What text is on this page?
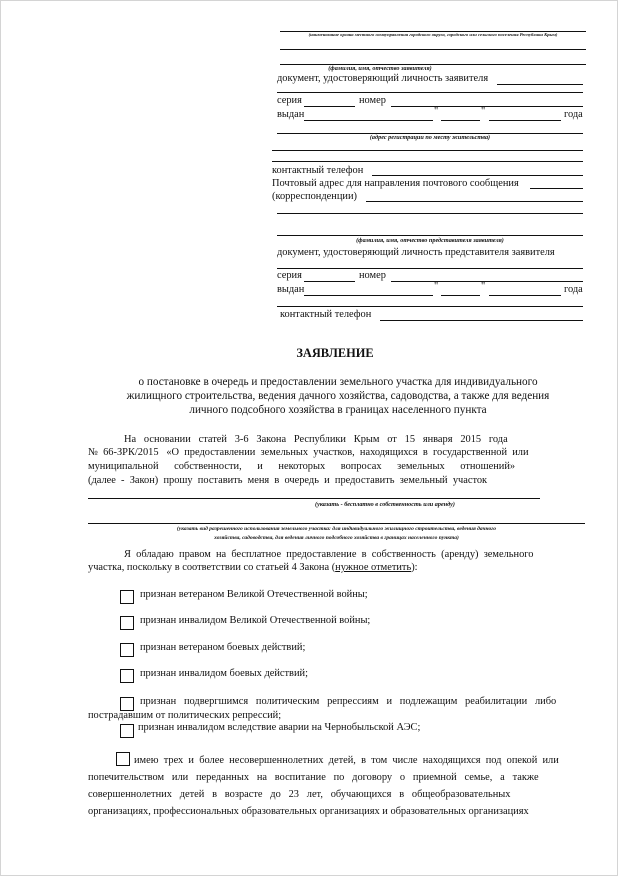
(наименование органа местного самоуправления городского округа, городского или сельского поселения Республики Крым)
(фамилия, имя, отчество заявителя)
документ, удостоверяющий личность заявителя
серия	номер
выдан	"	"	года
(адрес регистрации по месту жительства)
контактный телефон
Почтовый адрес для направления почтового сообщения
(корреспонденции)
(фамилия, имя, отчество представителя заявителя)
документ, удостоверяющий личность представителя заявителя
серия	номер
выдан	"	"	года
контактный телефон
ЗАЯВЛЕНИЕ
о постановке в очередь и предоставлении земельного участка для индивидуального
жилищного строительства, ведения дачного хозяйства, садоводства, а также для ведения
личного подсобного хозяйства в границах населенного пункта
На   основании   статей   3-6   Закона   Республики   Крым   от   15   января   2015   года
№  66-ЗРК/2015   «О  предоставлении  земельных  участков,  находящихся  в  государственной  или
муниципальной      собственности,      и      некоторых      вопросах      земельных      отношений»
(далее  -  Закон)  прошу  поставить  меня  в  очередь  и  предоставить  земельный  участок
(указать - бесплатно в собственность или аренду)
(указать вид разрешенного использования земельного участка: для индивидуального жилищного строительства, ведения дачного
хозяйства, садоводства, для ведения личного подсобного хозяйства в границах населенного пункта)
Я  обладаю  правом  на  бесплатное  предоставление  в  собственность  (аренду)  земельного
участка, поскольку в соответствии со статьей 4 Закона (нужное отметить):
признан ветераном Великой Отечественной войны;
признан инвалидом Великой Отечественной войны;
признан ветераном боевых действий;
признан инвалидом боевых действий;
признан   подвергшимся   политическим   репрессиям   и   подлежащим   реабилитации   либо
пострадавшим от политических репрессий;
признан инвалидом вследствие аварии на Чернобыльской АЭС;
имею  трех  и  более  несовершеннолетних  детей,  в  том  числе  находящихся  под  опекой  или
попечительством   или   переданных   на   воспитание   по   договору   о   приемной   семье,   а   также
совершеннолетних   детей   в   возрасте   до   23   лет,   обучающихся   в   общеобразовательных
организациях, профессиональных образовательных организациях и образовательных организациях
